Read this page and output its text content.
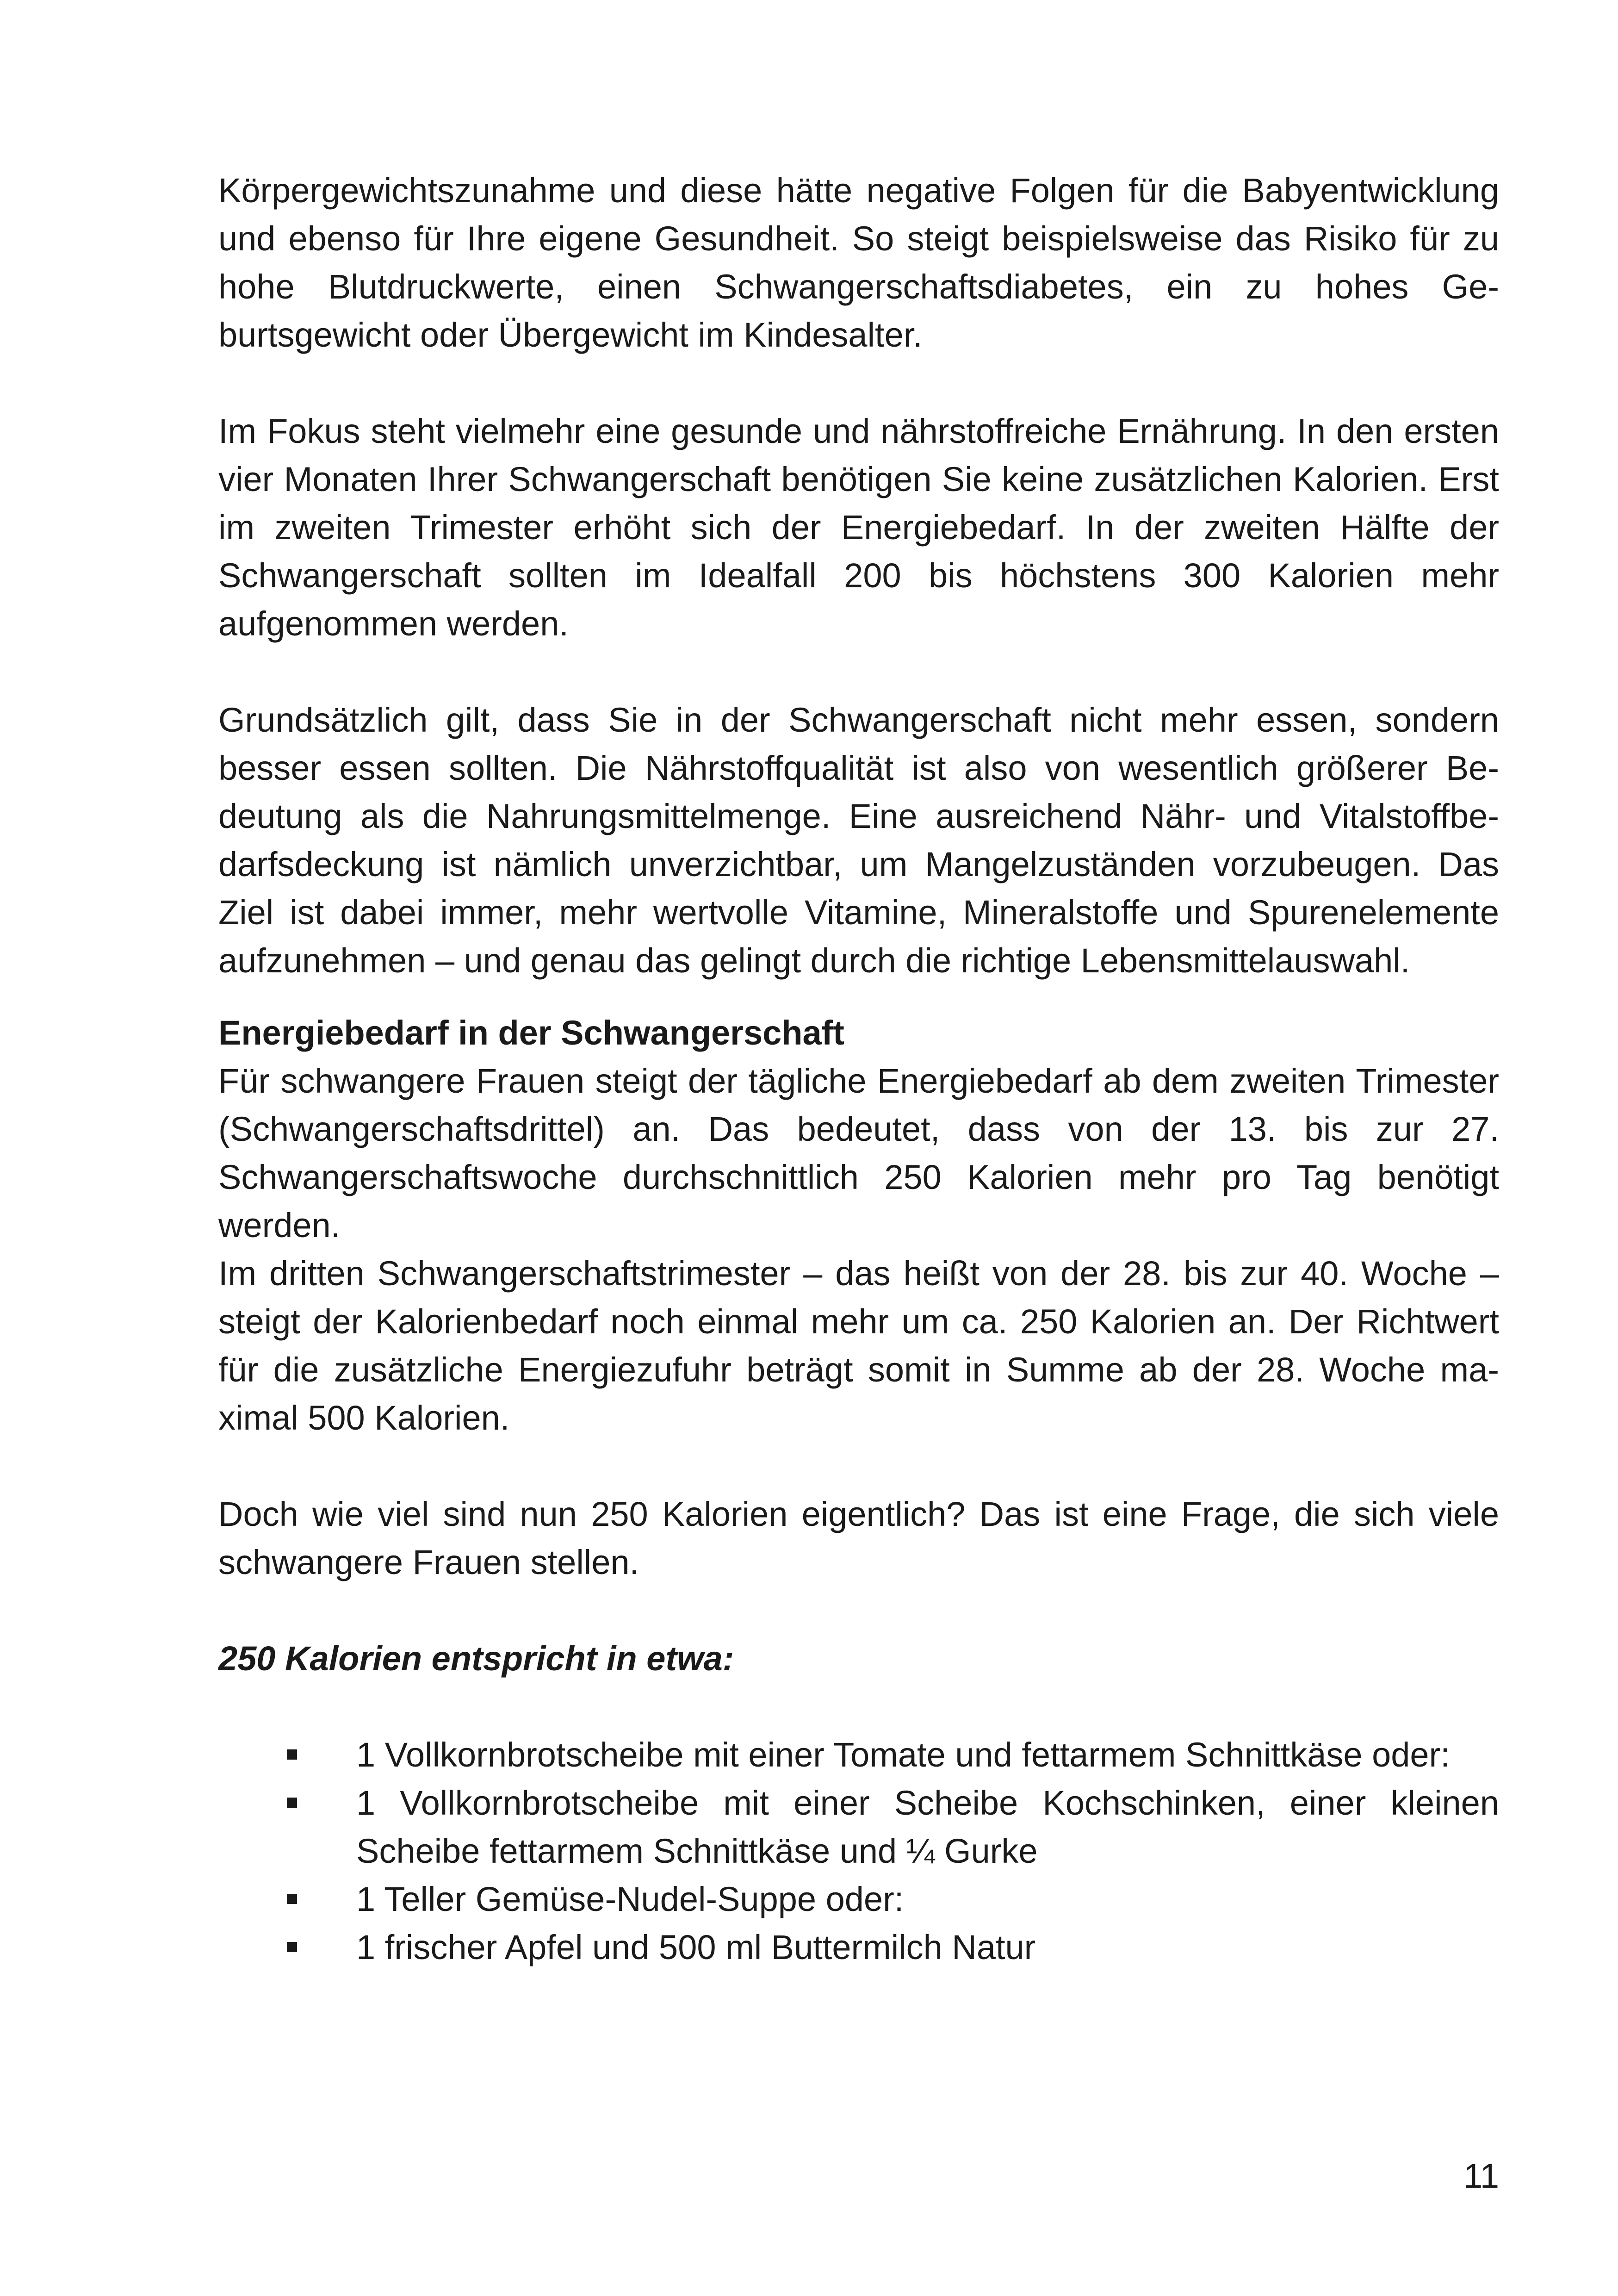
Körpergewichtszunahme und diese hätte negative Folgen für die Babyentwicklung und ebenso für Ihre eigene Gesundheit. So steigt beispielsweise das Risiko für zu hohe Blutdruckwerte, einen Schwangerschaftsdiabetes, ein zu hohes Geburtsgewicht oder Übergewicht im Kindesalter.

Im Fokus steht vielmehr eine gesunde und nährstoffreiche Ernährung. In den ersten vier Monaten Ihrer Schwangerschaft benötigen Sie keine zusätzlichen Kalorien. Erst im zweiten Trimester erhöht sich der Energiebedarf. In der zweiten Hälfte der Schwangerschaft sollten im Idealfall 200 bis höchstens 300 Kalorien mehr aufgenommen werden.

Grundsätzlich gilt, dass Sie in der Schwangerschaft nicht mehr essen, sondern besser essen sollten. Die Nährstoffqualität ist also von wesentlich größerer Bedeutung als die Nahrungsmittelmenge. Eine ausreichend Nähr- und Vitalstoffbedarfsdeckung ist nämlich unverzichtbar, um Mangelzuständen vorzubeugen. Das Ziel ist dabei immer, mehr wertvolle Vitamine, Mineralstoffe und Spurenelemente aufzunehmen – und genau das gelingt durch die richtige Lebensmittelauswahl.

Energiebedarf in der Schwangerschaft

Für schwangere Frauen steigt der tägliche Energiebedarf ab dem zweiten Trimester (Schwangerschaftsdrittel) an. Das bedeutet, dass von der 13. bis zur 27. Schwangerschaftswoche durchschnittlich 250 Kalorien mehr pro Tag benötigt werden.

Im dritten Schwangerschaftstrimester – das heißt von der 28. bis zur 40. Woche – steigt der Kalorienbedarf noch einmal mehr um ca. 250 Kalorien an. Der Richtwert für die zusätzliche Energiezufuhr beträgt somit in Summe ab der 28. Woche maximal 500 Kalorien.

Doch wie viel sind nun 250 Kalorien eigentlich? Das ist eine Frage, die sich viele schwangere Frauen stellen.

250 Kalorien entspricht in etwa:

1 Vollkornbrotscheibe mit einer Tomate und fettarmem Schnittkäse oder:
1 Vollkornbrotscheibe mit einer Scheibe Kochschinken, einer kleinen Scheibe fettarmem Schnittkäse und ¼ Gurke
1 Teller Gemüse-Nudel-Suppe oder:
1 frischer Apfel und 500 ml Buttermilch Natur
11
